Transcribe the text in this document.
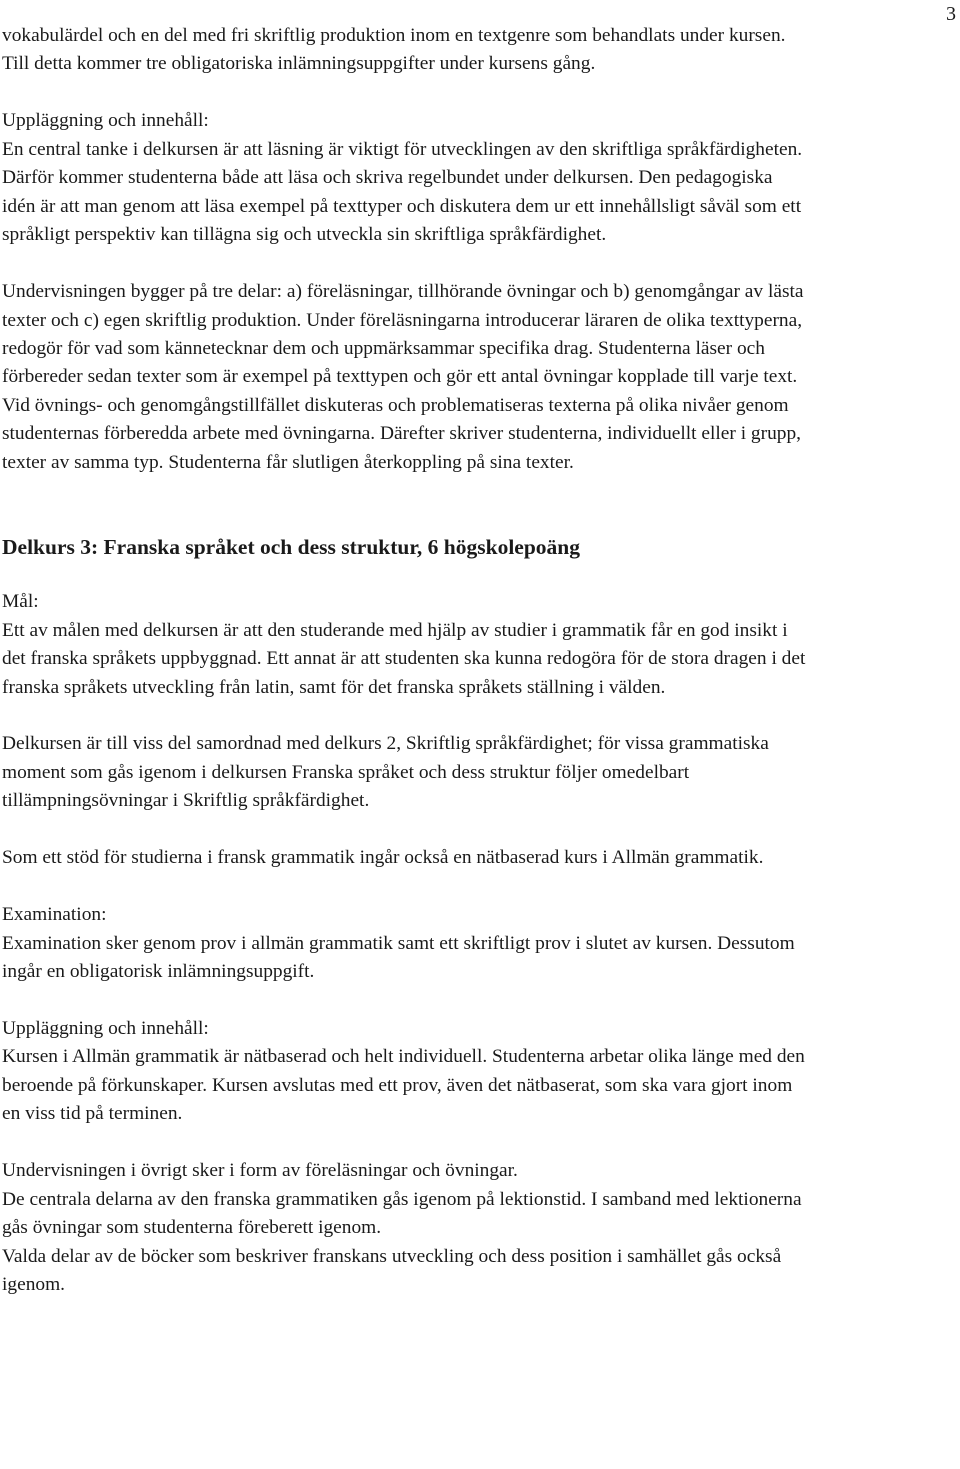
3

vokabulärdel och en del med fri skriftlig produktion inom en textgenre som behandlats under kursen. Till detta kommer tre obligatoriska inlämningsuppgifter under kursens gång.

Uppläggning och innehåll:
En central tanke i delkursen är att läsning är viktigt för utvecklingen av den skriftliga språkfärdigheten. Därför kommer studenterna både att läsa och skriva regelbundet under delkursen. Den pedagogiska idén är att man genom att läsa exempel på texttyper och diskutera dem ur ett innehållsligt såväl som ett språkligt perspektiv kan tillägna sig och utveckla sin skriftliga språkfärdighet.

Undervisningen bygger på tre delar: a) föreläsningar, tillhörande övningar och b) genomgångar av lästa texter och c) egen skriftlig produktion. Under föreläsningarna introducerar läraren de olika texttyperna, redogör för vad som kännetecknar dem och uppmärksammar specifika drag. Studenterna läser och förbereder sedan texter som är exempel på texttypen och gör ett antal övningar kopplade till varje text. Vid övnings- och genomgångstillfället diskuteras och problematiseras texterna på olika nivåer genom studenternas förberedda arbete med övningarna. Därefter skriver studenterna, individuellt eller i grupp, texter av samma typ. Studenterna får slutligen återkoppling på sina texter.

Delkurs 3: Franska språket och dess struktur, 6 högskolepoäng

Mål:
Ett av målen med delkursen är att den studerande med hjälp av studier i grammatik får en god insikt i det franska språkets uppbyggnad. Ett annat är att studenten ska kunna redogöra för de stora dragen i det franska språkets utveckling från latin, samt för det franska språkets ställning i välden.

Delkursen är till viss del samordnad med delkurs 2, Skriftlig språkfärdighet; för vissa grammatiska moment som gås igenom i delkursen Franska språket och dess struktur följer omedelbart tillämpningsövningar i Skriftlig språkfärdighet.

Som ett stöd för studierna i fransk grammatik ingår också en nätbaserad kurs i Allmän grammatik.

Examination:
Examination sker genom prov i allmän grammatik samt ett skriftligt prov i slutet av kursen. Dessutom ingår en obligatorisk inlämningsuppgift.

Uppläggning och innehåll:
Kursen i Allmän grammatik är nätbaserad och helt individuell. Studenterna arbetar olika länge med den beroende på förkunskaper. Kursen avslutas med ett prov, även det nätbaserat, som ska vara gjort inom en viss tid på terminen.

Undervisningen i övrigt sker i form av föreläsningar och övningar.
De centrala delarna av den franska grammatiken gås igenom på lektionstid. I samband med lektionerna gås övningar som studenterna föreberett igenom.
Valda delar av de böcker som beskriver franskans utveckling och dess position i samhället gås också igenom.
